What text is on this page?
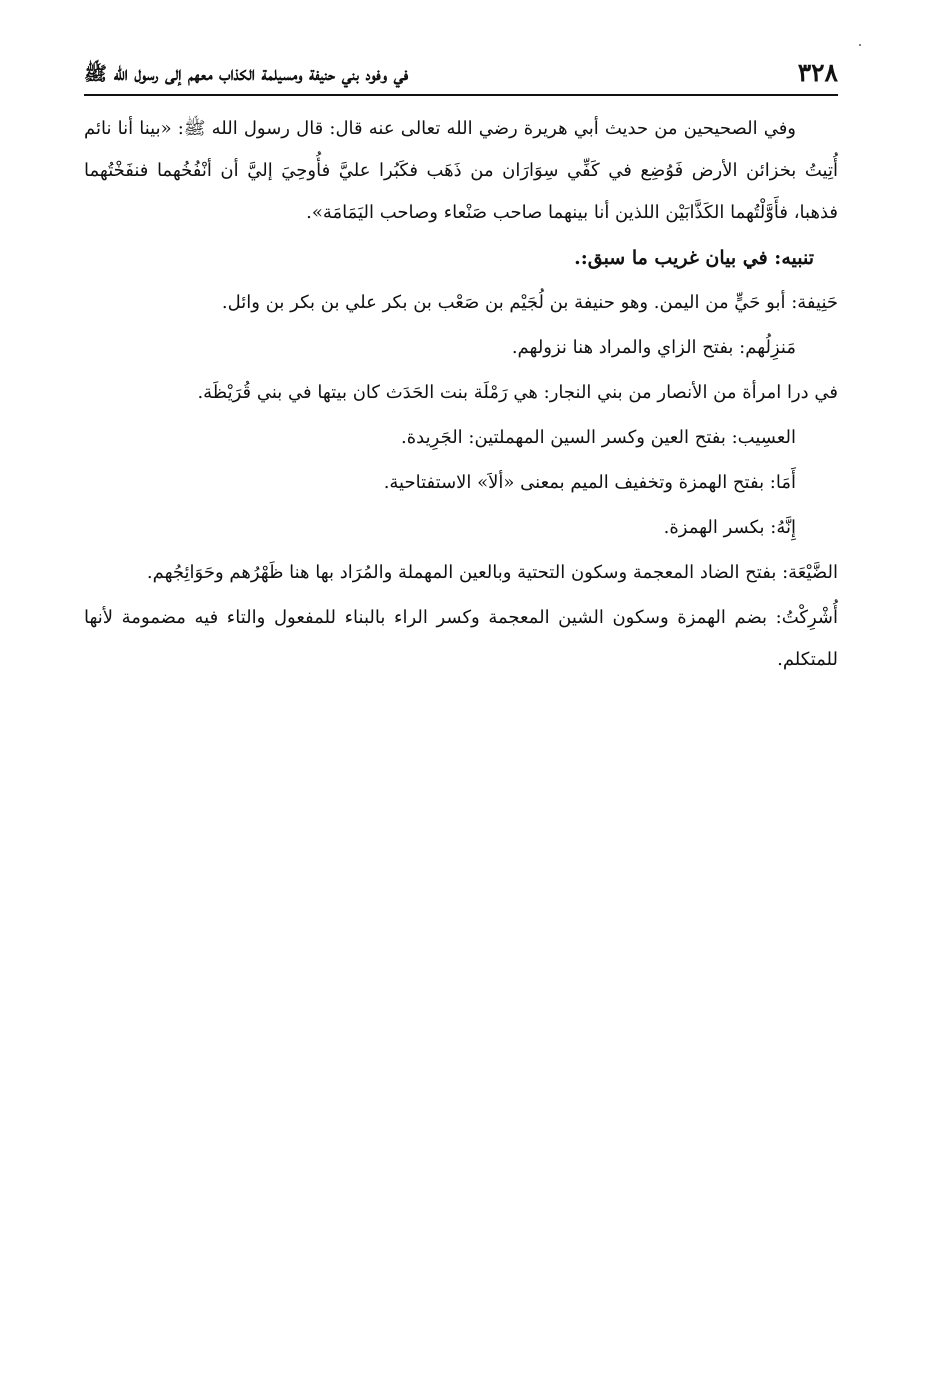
٣٢٨
في وفود بني حنيفة ومسيلمة الكذاب معهم إلى رسول الله ﷺ

وفي الصحيحين من حديث أبي هريرة رضي الله تعالى عنه قال: قال رسول الله ﷺ: «بينا أنا نائم أُتِيتُ بخزائن الأرض فَوُضِع في كَفِّي سِوَارَان من ذَهَب فكَبُرا عليَّ فأُوحِيَ إليَّ أن أنْفُخُهما فنفَخْتُهما فذهبا، فأَوَّلْتُهما الكَذَّابَيْن اللذين أنا بينهما صاحب صَنْعاء وصاحب اليَمَامَة».

تنبيه: في بيان غريب ما سبق:.

حَنِيفة: أبو حَيٍّ من اليمن. وهو حنيفة بن لُجَيْم بن صَعْب بن بكر علي بن بكر بن وائل.

مَنزِلُهم: بفتح الزاي والمراد هنا نزولهم.

في درا امرأة من الأنصار من بني النجار: هي رَمْلَة بنت الحَدَث كان بيتها في بني قُرَيْظَة.

العسِيب: بفتح العين وكسر السين المهملتين: الجَرِيدة.

أَمَا: بفتح الهمزة وتخفيف الميم بمعنى «ألاَ» الاستفتاحية.

إِنَّهُ: بكسر الهمزة.

الضَّيْعَة: بفتح الضاد المعجمة وسكون التحتية وبالعين المهملة والمُرَاد بها هنا ظَهْرُهم وحَوَائِجُهم.

أُشْرِكْتُ: بضم الهمزة وسكون الشين المعجمة وكسر الراء بالبناء للمفعول والتاء فيه مضمومة لأنها للمتكلم.
